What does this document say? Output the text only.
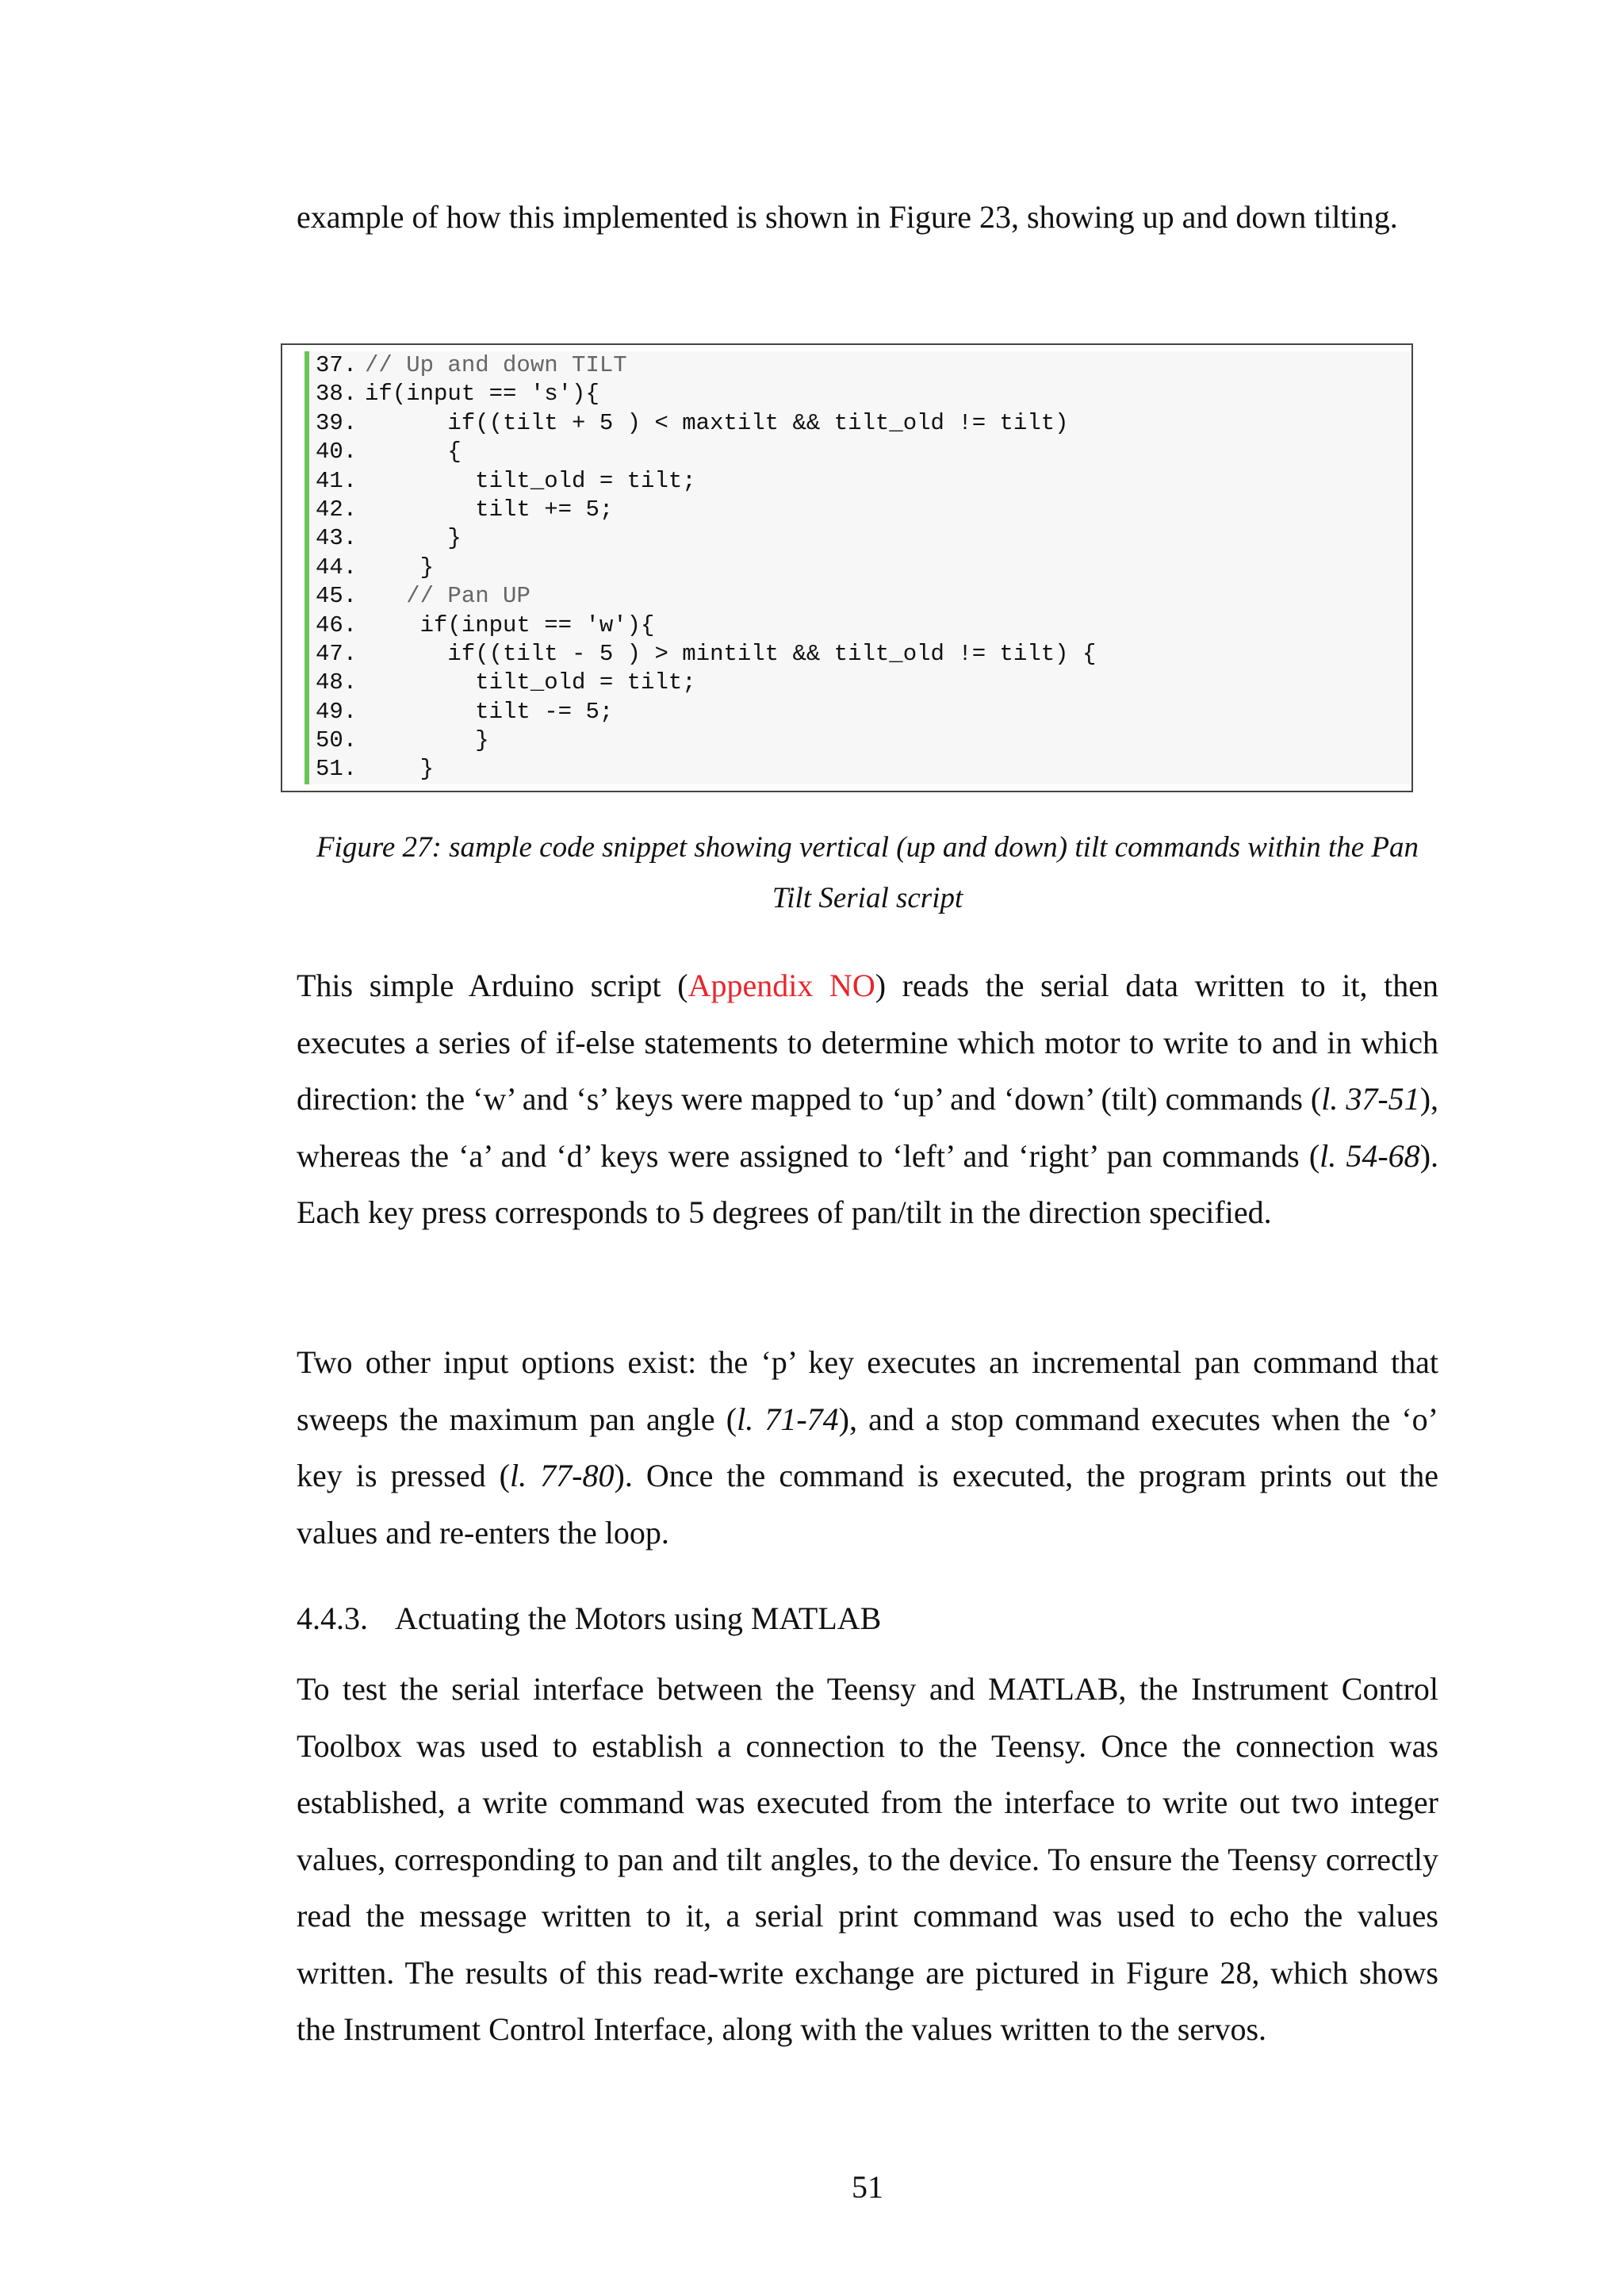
example of how this implemented is shown in Figure 23, showing up and down tilting.

37. // Up and down TILT
38. if(input == 's'){
39.      if((tilt + 5 ) < maxtilt && tilt_old != tilt)
40.      {
41.        tilt_old = tilt;
42.        tilt += 5;
43.      }
44.    }
45. // Pan UP
46.    if(input == 'w'){
47.      if((tilt - 5 ) > mintilt && tilt_old != tilt) {
48.        tilt_old = tilt;
49.        tilt -= 5;
50.        }
51.    }

Figure 27: sample code snippet showing vertical (up and down) tilt commands within the Pan

Tilt Serial script

This simple Arduino script (Appendix NO) reads the serial data written to it, then executes a series of if-else statements to determine which motor to write to and in which direction: the ‘w’ and ‘s’ keys were mapped to ‘up’ and ‘down’ (tilt) commands (l. 37-51), whereas the ‘a’ and ‘d’ keys were assigned to ‘left’ and ‘right’ pan commands (l. 54-68). Each key press corresponds to 5 degrees of pan/tilt in the direction specified.

Two other input options exist: the ‘p’ key executes an incremental pan command that sweeps the maximum pan angle (l. 71-74), and a stop command executes when the ‘o’ key is pressed (l. 77-80). Once the command is executed, the program prints out the values and re-enters the loop.

4.4.3. Actuating the Motors using MATLAB

To test the serial interface between the Teensy and MATLAB, the Instrument Control Toolbox was used to establish a connection to the Teensy. Once the connection was established, a write command was executed from the interface to write out two integer values, corresponding to pan and tilt angles, to the device. To ensure the Teensy correctly read the message written to it, a serial print command was used to echo the values written. The results of this read-write exchange are pictured in Figure 28, which shows the Instrument Control Interface, along with the values written to the servos.

51
